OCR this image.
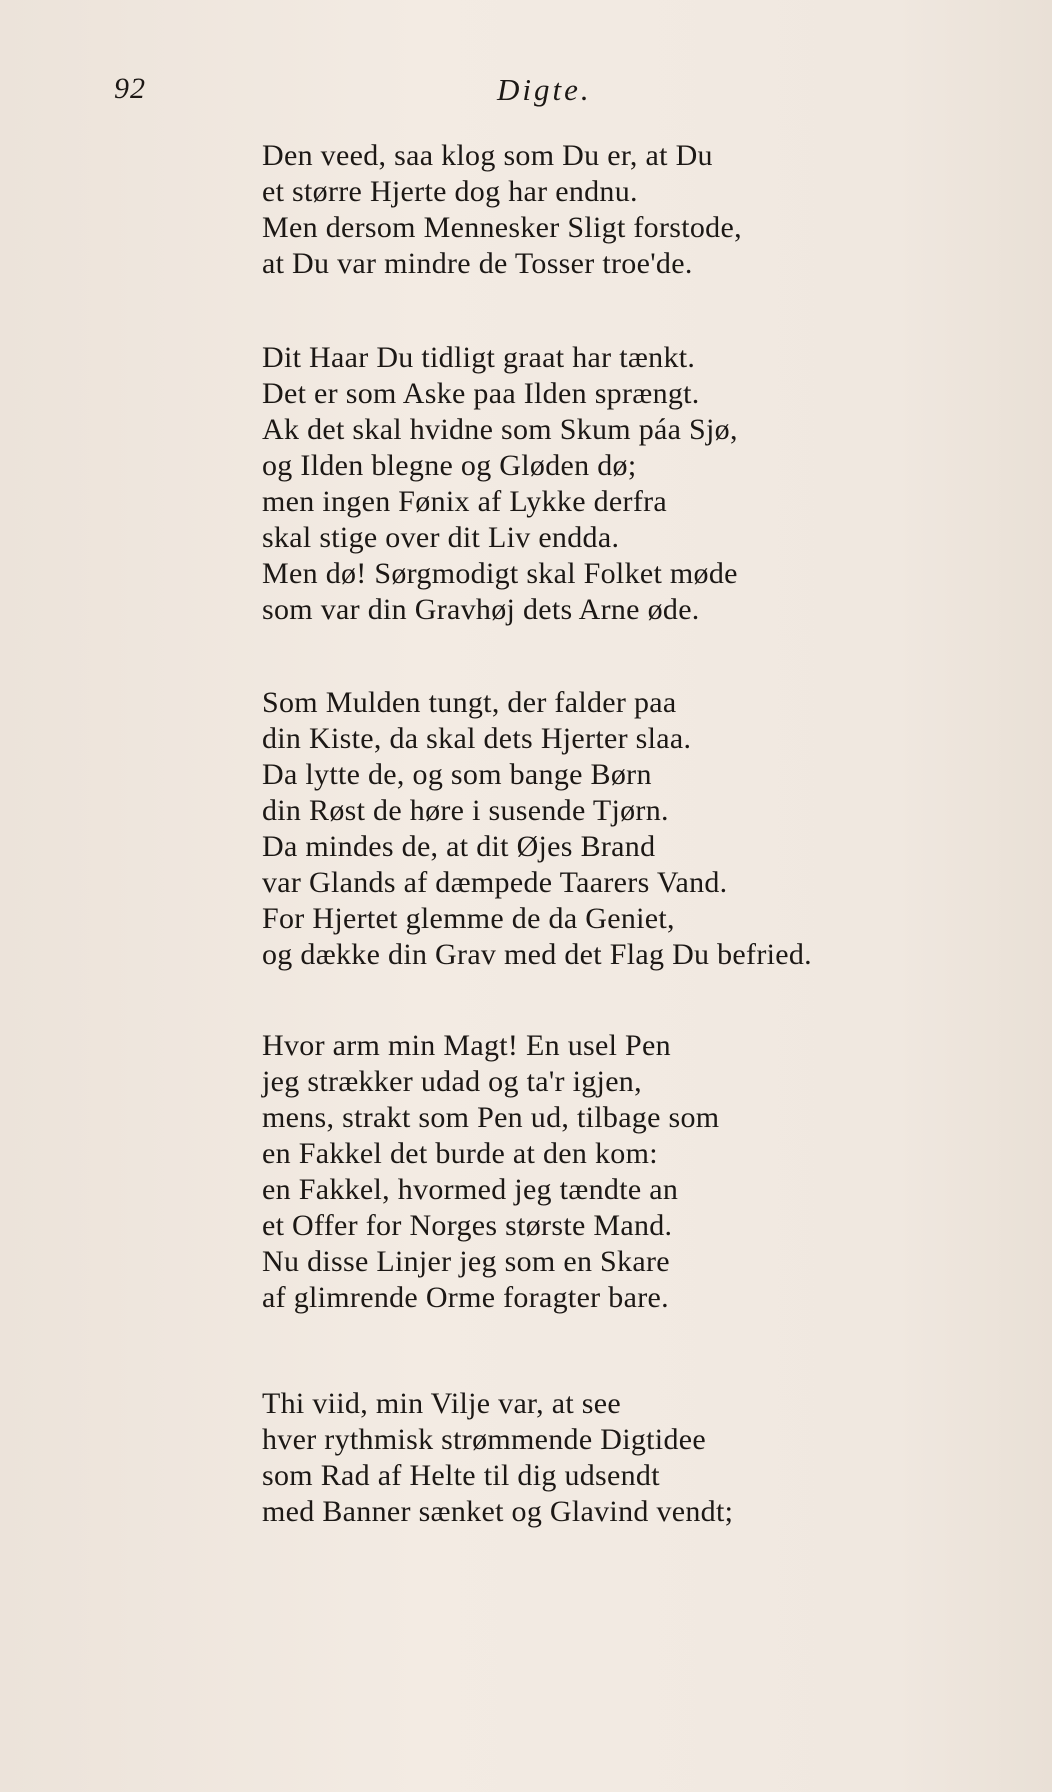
92	Digte.
Den veed, saa klog som Du er, at Du
et større Hjerte dog har endnu.
Men dersom Mennesker Sligt forstode,
at Du var mindre de Tosser troe'de.
Dit Haar Du tidligt graat har tænkt.
Det er som Aske paa Ilden sprængt.
Ak det skal hvidne som Skum páa Sjø,
og Ilden blegne og Gløden dø;
men ingen Fønix af Lykke derfra
skal stige over dit Liv endda.
Men dø! Sørgmodigt skal Folket møde
som var din Gravhøj dets Arne øde.
Som Mulden tungt, der falder paa
din Kiste, da skal dets Hjerter slaa.
Da lytte de, og som bange Børn
din Røst de høre i susende Tjørn.
Da mindes de, at dit Øjes Brand
var Glands af dæmpede Taarers Vand.
For Hjertet glemme de da Geniet,
og dække din Grav med det Flag Du befried.
Hvor arm min Magt! En usel Pen
jeg strækker udad og ta'r igjen,
mens, strakt som Pen ud, tilbage som
en Fakkel det burde at den kom:
en Fakkel, hvormed jeg tændte an
et Offer for Norges største Mand.
Nu disse Linjer jeg som en Skare
af glimrende Orme foragter bare.
Thi viid, min Vilje var, at see
hver rythmisk strømmende Digtidee
som Rad af Helte til dig udsendt
med Banner sænket og Glavind vendt;
